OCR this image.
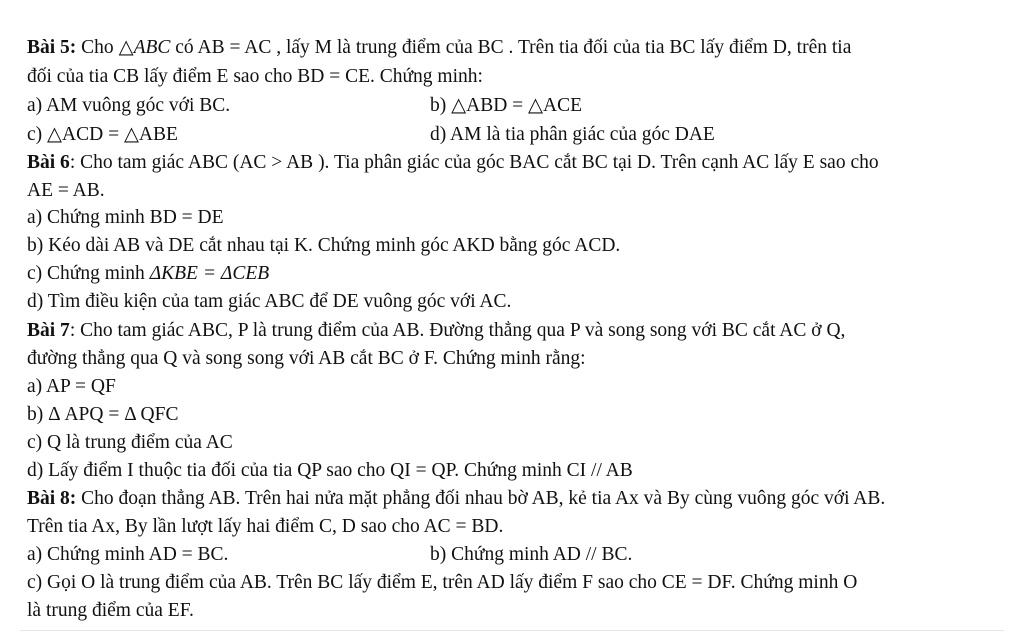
Bài 5: Cho △ABC có AB = AC , lấy M là trung điểm của BC . Trên tia đối của tia BC lấy điểm D, trên tia
đối của tia CB lấy điểm E sao cho BD = CE. Chứng minh:
a) AM vuông góc với BC.	b) △ABD = △ACE
c) △ACD = △ABE	d) AM là tia phân giác của góc DAE
Bài 6: Cho tam giác ABC (AC > AB ). Tia phân giác của góc BAC cắt BC tại D. Trên cạnh AC lấy E sao cho
AE = AB.
a) Chứng minh BD = DE
b) Kéo dài AB và DE cắt nhau tại K. Chứng minh góc AKD bằng góc ACD.
c) Chứng minh ΔKBE = ΔCEB
d) Tìm điều kiện của tam giác ABC để DE vuông góc với AC.
Bài 7: Cho tam giác ABC, P là trung điểm của AB. Đường thẳng qua P và song song với BC cắt AC ở Q,
đường thẳng qua Q và song song với AB cắt BC ở F. Chứng minh rằng:
a) AP = QF
b) Δ APQ = Δ QFC
c) Q là trung điểm của AC
d) Lấy điểm I thuộc tia đối của tia QP sao cho QI = QP. Chứng minh CI // AB
Bài 8: Cho đoạn thẳng AB. Trên hai nửa mặt phẳng đối nhau bờ AB, kẻ tia Ax và By cùng vuông góc với AB.
Trên tia Ax, By lần lượt lấy hai điểm C, D sao cho AC = BD.
a) Chứng minh AD = BC.	b) Chứng minh AD // BC.
c) Gọi O là trung điểm của AB. Trên BC lấy điểm E, trên AD lấy điểm F sao cho CE = DF. Chứng minh O
là trung điểm của EF.
